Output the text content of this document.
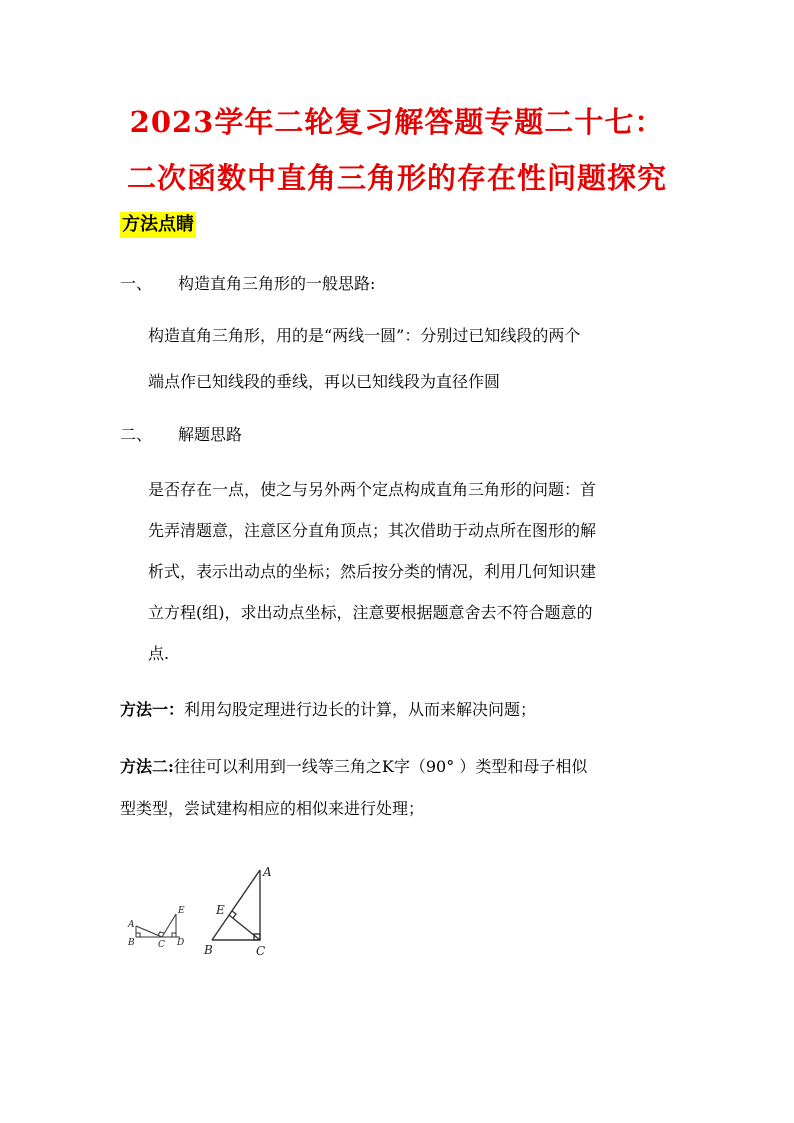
2023学年二轮复习解答题专题二十七：
二次函数中直角三角形的存在性问题探究
方法点睛
一、 构造直角三角形的一般思路:
构造直角三角形，用的是“两线一圆”：分别过已知线段的两个
端点作已知线段的垂线，再以已知线段为直径作圆
二、 解题思路
是否存在一点，使之与另外两个定点构成直角三角形的问题：首
先弄清题意，注意区分直角顶点；其次借助于动点所在图形的解
析式，表示出动点的坐标；然后按分类的情况，利用几何知识建
立方程(组)，求出动点坐标，注意要根据题意舍去不符合题意的
点.
方法一：利用勾股定理进行边长的计算，从而来解决问题；
方法二:往往可以利用到一线等三角之K字（90° ）类型和母子相似
型类型，尝试建构相应的相似来进行处理；
A
B	C D
E
A
E
B	C
